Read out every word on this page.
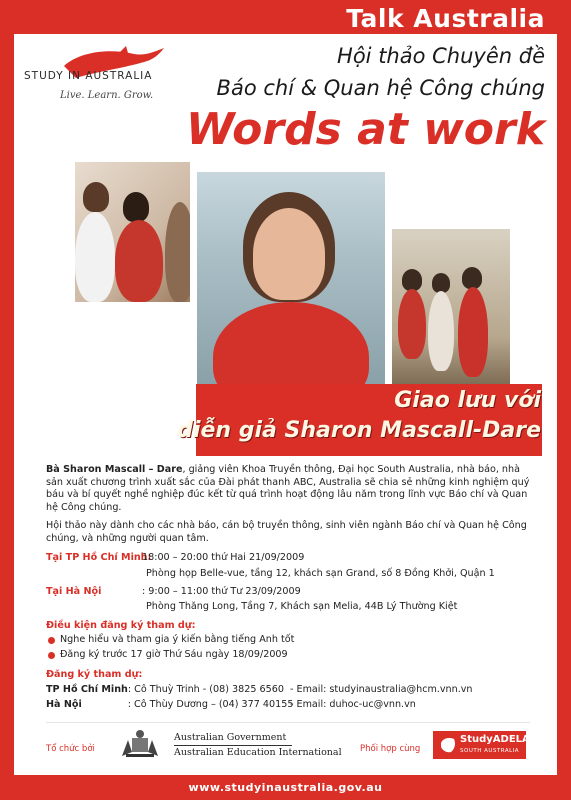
Talk Australia
STUDY IN AUSTRALIA
Live. Learn. Grow.
Hội thảo Chuyên đề
Báo chí & Quan hệ Công chúng
Words at work
Giao lưu với
diễn giả Sharon Mascall-Dare
Bà Sharon Mascall – Dare, giảng viên Khoa Truyền thông, Đại học South Australia, nhà báo, nhà sản xuất chương trình xuất sắc của Đài phát thanh ABC, Australia sẽ chia sẻ những kinh nghiệm quý báu và bí quyết nghề nghiệp đúc kết từ quá trình hoạt động lâu năm trong lĩnh vực Báo chí và Quan hệ Công chúng.
Hội thảo này dành cho các nhà báo, cán bộ truyền thông, sinh viên ngành Báo chí và Quan hệ Công chúng, và những người quan tâm.
Tại TP Hồ Chí Minh:
18:00 – 20:00 thứ Hai 21/09/2009
Phòng họp Belle-vue, tầng 12, khách sạn Grand, số 8 Đồng Khởi, Quận 1
Tại Hà Nội	: 9:00 – 11:00 thứ Tư 23/09/2009
Phòng Thăng Long, Tầng 7, Khách sạn Melia, 44B Lý Thường Kiệt
Điều kiện đăng ký tham dự:
Nghe hiểu và tham gia ý kiến bằng tiếng Anh tốt
Đăng ký trước 17 giờ Thứ Sáu ngày 18/09/2009
Đăng ký tham dự:
TP Hồ Chí Minh: Cô Thuỳ Trinh - (08) 3825 6560 - Email: studyinaustralia@hcm.vnn.vn
Hà Nội	: Cô Thùy Dương – (04) 377 40155
- Email: duhoc-uc@vnn.vn
Tổ chức bởi
Australian Government
Australian Education International Phối hợp cùng
StudyADELAIDE
SOUTH AUSTRALIA
www.studyinaustralia.gov.au
